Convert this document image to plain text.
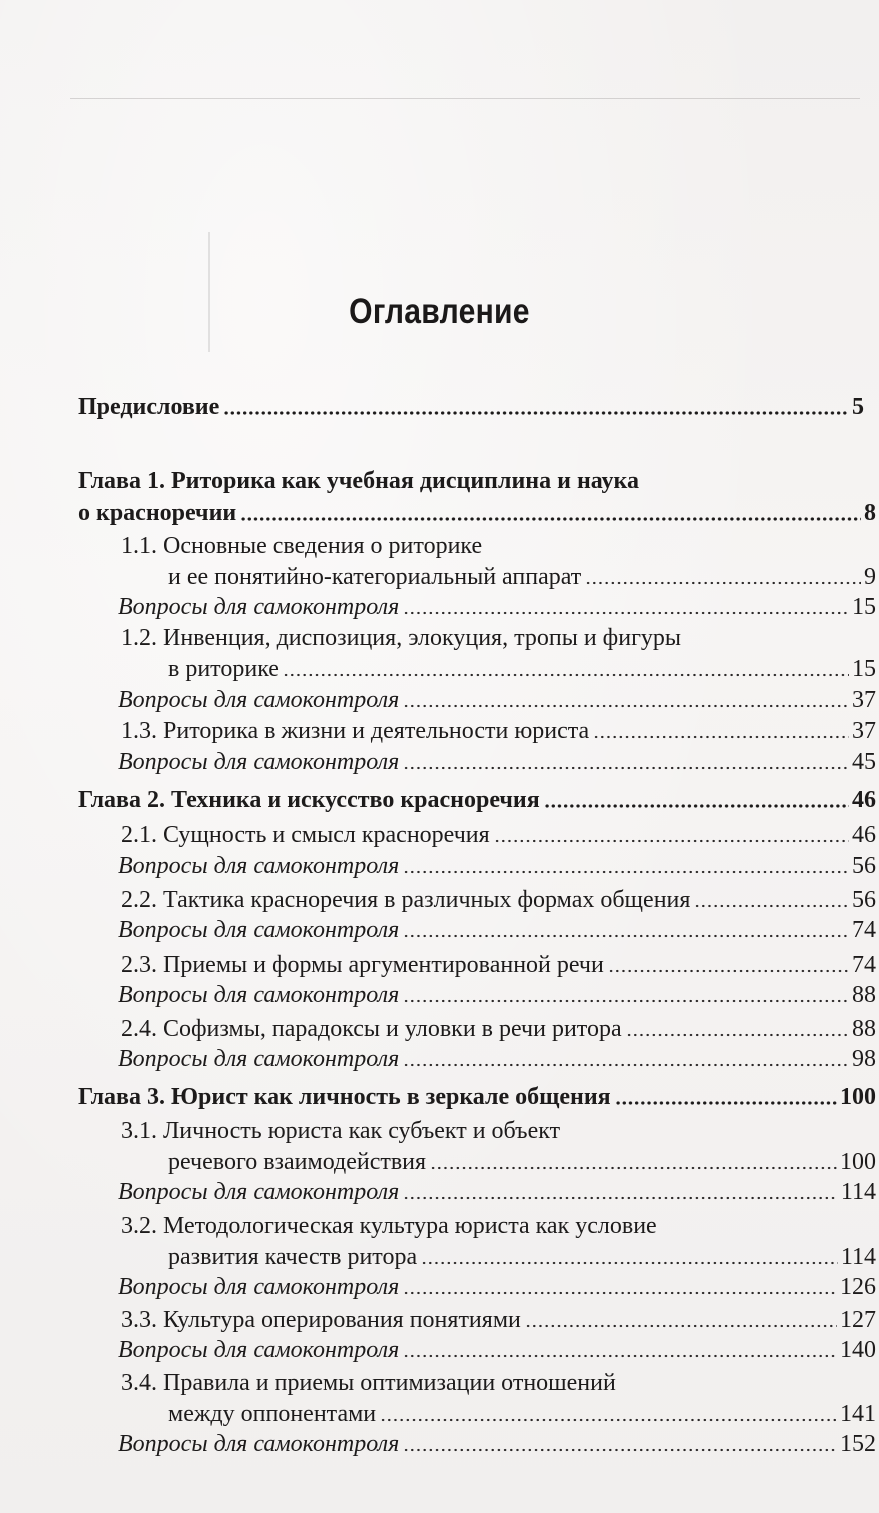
Оглавление
Предисловие	5
Глава 1. Риторика как учебная дисциплина и наука
о красноречии	8
1.1. Основные сведения о риторике
и ее понятийно-категориальный аппарат	9
Вопросы для самоконтроля	15
1.2. Инвенция, диспозиция, элокуция, тропы и фигуры
в риторике	15
Вопросы для самоконтроля	37
1.3. Риторика в жизни и деятельности юриста	37
Вопросы для самоконтроля	45
Глава 2. Техника и искусство красноречия	46
2.1. Сущность и смысл красноречия	46
Вопросы для самоконтроля	56
2.2. Тактика красноречия в различных формах общения	56
Вопросы для самоконтроля	74
2.3. Приемы и формы аргументированной речи	74
Вопросы для самоконтроля	88
2.4. Софизмы, парадоксы и уловки в речи ритора	88
Вопросы для самоконтроля	98
Глава 3. Юрист как личность в зеркале общения	100
3.1. Личность юриста как субъект и объект
речевого взаимодействия	100
Вопросы для самоконтроля	114
3.2. Методологическая культура юриста как условие
развития качеств ритора	114
Вопросы для самоконтроля	126
3.3. Культура оперирования понятиями	127
Вопросы для самоконтроля	140
3.4. Правила и приемы оптимизации отношений
между оппонентами	141
Вопросы для самоконтроля	152
